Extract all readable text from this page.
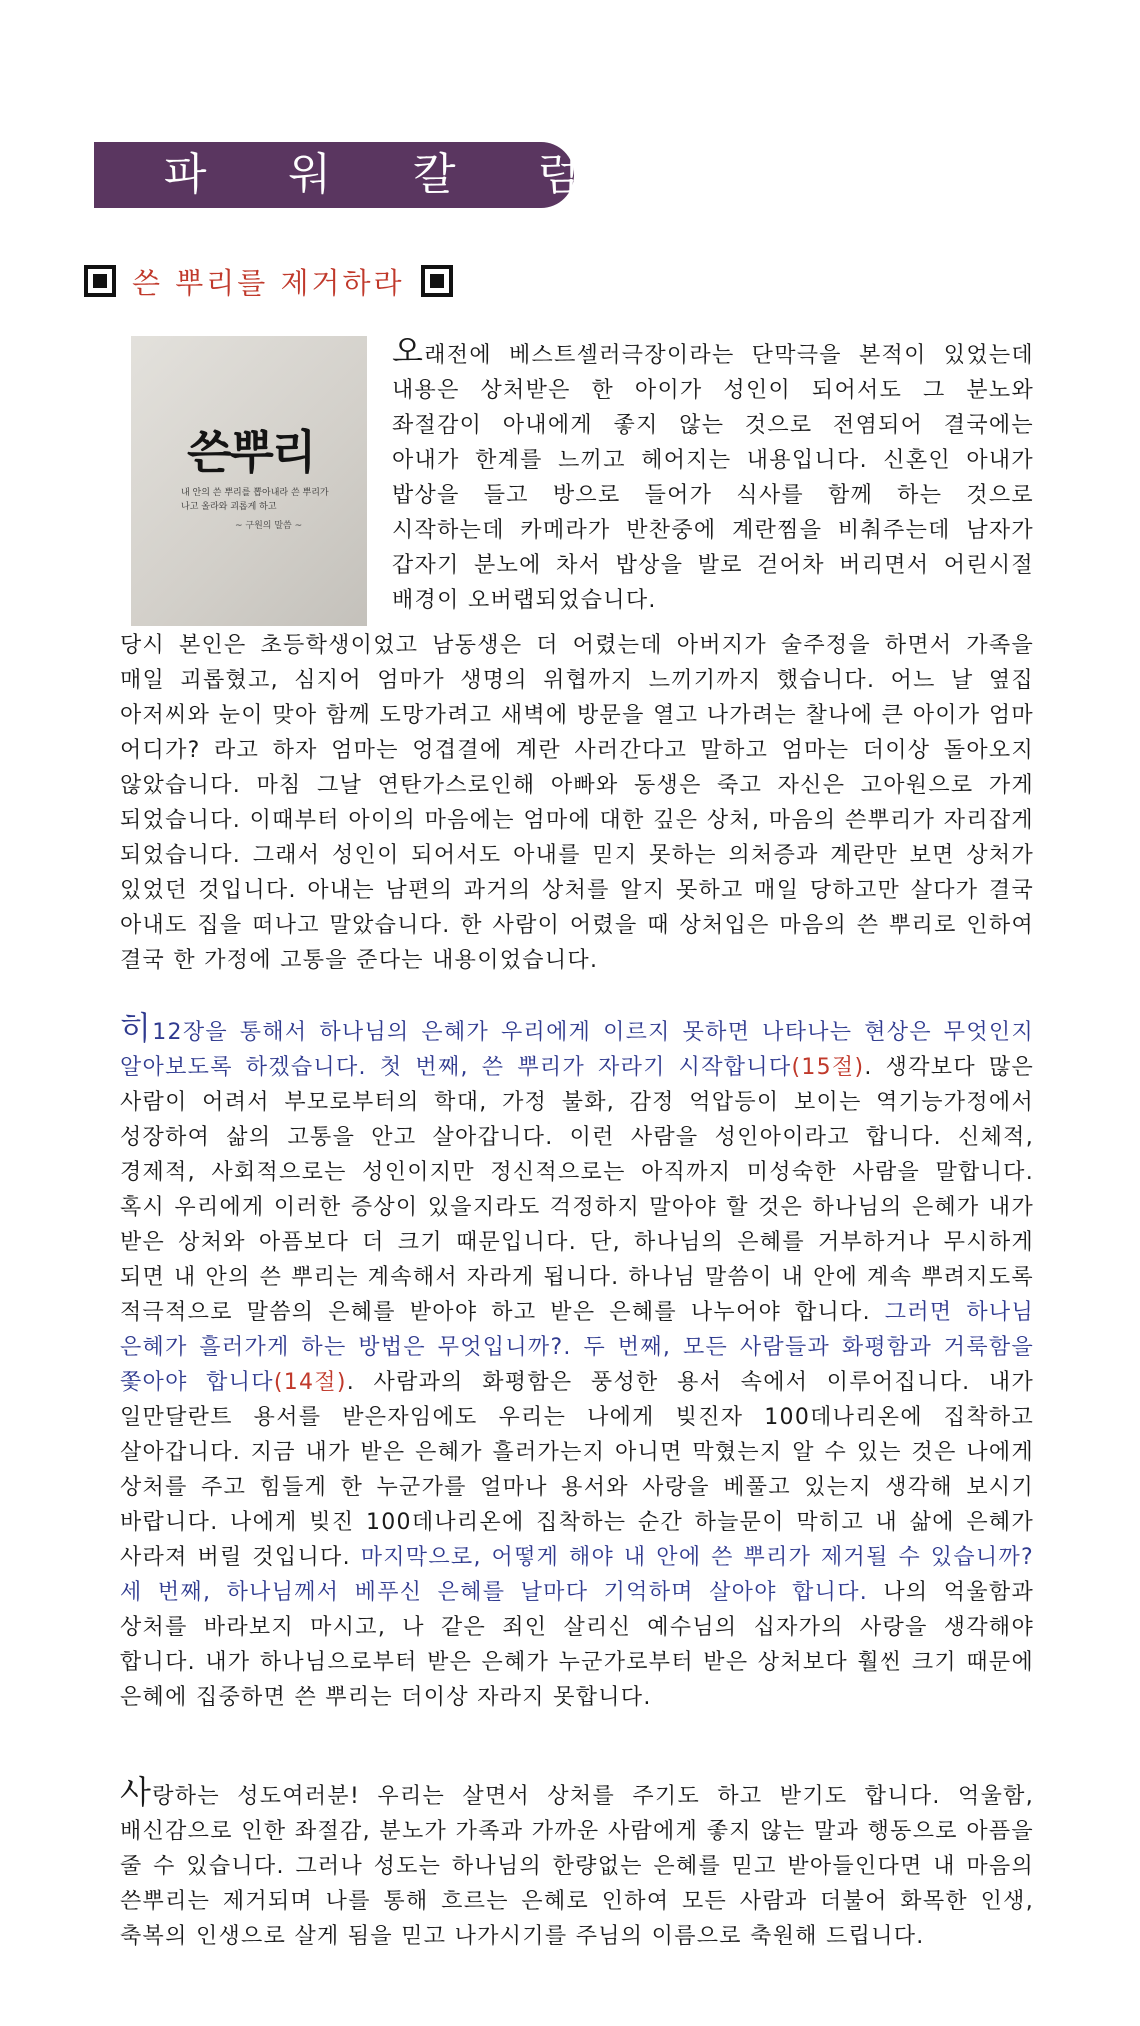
파 워 칼 럼
쓴 뿌리를 제거하라
쓴뿌리
내 안의 쓴 뿌리를 뽑아내라 쓴 뿌리가 나고 올라와 괴롭게 하고
~ 구원의 말씀 ~
오래전에 베스트셀러극장이라는 단막극을 본적이 있었는데 내용은 상처받은 한 아이가 성인이 되어서도 그 분노와 좌절감이 아내에게 좋지 않는 것으로 전염되어 결국에는 아내가 한계를 느끼고 헤어지는 내용입니다. 신혼인 아내가 밥상을 들고 방으로 들어가 식사를 함께 하는 것으로 시작하는데 카메라가 반찬중에 계란찜을 비춰주는데 남자가 갑자기 분노에 차서 밥상을 발로 걷어차 버리면서 어린시절 배경이 오버랩되었습니다.
당시 본인은 초등학생이었고 남동생은 더 어렸는데 아버지가 술주정을 하면서 가족을 매일 괴롭혔고, 심지어 엄마가 생명의 위협까지 느끼기까지 했습니다. 어느 날 옆집 아저씨와 눈이 맞아 함께 도망가려고 새벽에 방문을 열고 나가려는 찰나에 큰 아이가 엄마 어디가? 라고 하자 엄마는 엉겹결에 계란 사러간다고 말하고 엄마는 더이상 돌아오지 않았습니다. 마침 그날 연탄가스로인해 아빠와 동생은 죽고 자신은 고아원으로 가게 되었습니다. 이때부터 아이의 마음에는 엄마에 대한 깊은 상처, 마음의 쓴뿌리가 자리잡게 되었습니다. 그래서 성인이 되어서도 아내를 믿지 못하는 의처증과 계란만 보면 상처가 있었던 것입니다. 아내는 남편의 과거의 상처를 알지 못하고 매일 당하고만 살다가 결국 아내도 집을 떠나고 말았습니다. 한 사람이 어렸을 때 상처입은 마음의 쓴 뿌리로 인하여 결국 한 가정에 고통을 준다는 내용이었습니다.
히12장을 통해서 하나님의 은혜가 우리에게 이르지 못하면 나타나는 현상은 무엇인지 알아보도록 하겠습니다. 첫 번째, 쓴 뿌리가 자라기 시작합니다(15절). 생각보다 많은 사람이 어려서 부모로부터의 학대, 가정 불화, 감정 억압등이 보이는 역기능가정에서 성장하여 삶의 고통을 안고 살아갑니다. 이런 사람을 성인아이라고 합니다. 신체적, 경제적, 사회적으로는 성인이지만 정신적으로는 아직까지 미성숙한 사람을 말합니다. 혹시 우리에게 이러한 증상이 있을지라도 걱정하지 말아야 할 것은 하나님의 은혜가 내가 받은 상처와 아픔보다 더 크기 때문입니다. 단, 하나님의 은혜를 거부하거나 무시하게 되면 내 안의 쓴 뿌리는 계속해서 자라게 됩니다. 하나님 말씀이 내 안에 계속 뿌려지도록 적극적으로 말씀의 은혜를 받아야 하고 받은 은혜를 나누어야 합니다. 그러면 하나님 은혜가 흘러가게 하는 방법은 무엇입니까?. 두 번째, 모든 사람들과 화평함과 거룩함을 쫓아야 합니다(14절). 사람과의 화평함은 풍성한 용서 속에서 이루어집니다. 내가 일만달란트 용서를 받은자임에도 우리는 나에게 빚진자 100데나리온에 집착하고 살아갑니다. 지금 내가 받은 은혜가 흘러가는지 아니면 막혔는지 알 수 있는 것은 나에게 상처를 주고 힘들게 한 누군가를 얼마나 용서와 사랑을 베풀고 있는지 생각해 보시기 바랍니다. 나에게 빚진 100데나리온에 집착하는 순간 하늘문이 막히고 내 삶에 은혜가 사라져 버릴 것입니다. 마지막으로, 어떻게 해야 내 안에 쓴 뿌리가 제거될 수 있습니까? 세 번째, 하나님께서 베푸신 은혜를 날마다 기억하며 살아야 합니다. 나의 억울함과 상처를 바라보지 마시고, 나 같은 죄인 살리신 예수님의 십자가의 사랑을 생각해야 합니다. 내가 하나님으로부터 받은 은혜가 누군가로부터 받은 상처보다 훨씬 크기 때문에 은혜에 집중하면 쓴 뿌리는 더이상 자라지 못합니다.
사랑하는 성도여러분! 우리는 살면서 상처를 주기도 하고 받기도 합니다. 억울함, 배신감으로 인한 좌절감, 분노가 가족과 가까운 사람에게 좋지 않는 말과 행동으로 아픔을 줄 수 있습니다. 그러나 성도는 하나님의 한량없는 은혜를 믿고 받아들인다면 내 마음의 쓴뿌리는 제거되며 나를 통해 흐르는 은혜로 인하여 모든 사람과 더불어 화목한 인생, 축복의 인생으로 살게 됨을 믿고 나가시기를 주님의 이름으로 축원해 드립니다.
